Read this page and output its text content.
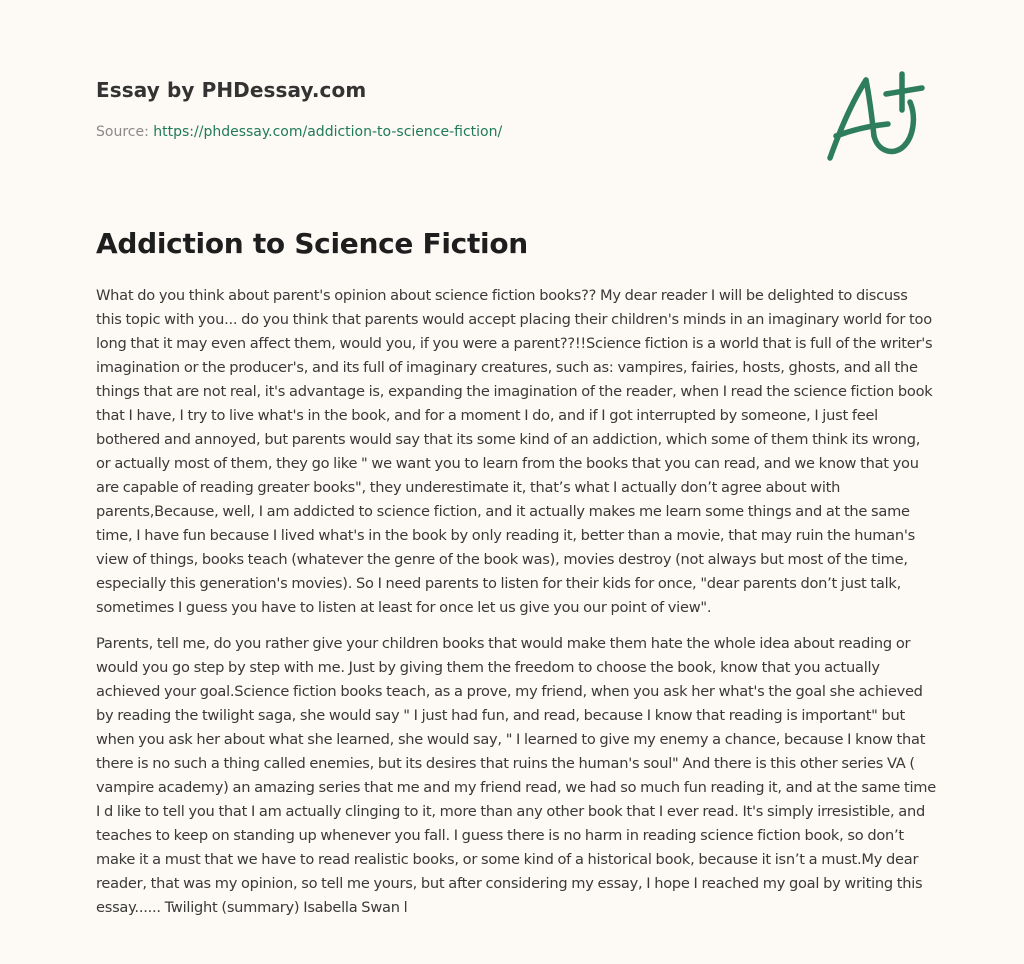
Essay by PHDessay.com
Source: https://phdessay.com/addiction-to-science-fiction/
Addiction to Science Fiction

What do you think about parent's opinion about science fiction books?? My dear reader I will be delighted to discuss this topic with you... do you think that parents would accept placing their children's minds in an imaginary world for too long that it may even affect them, would you, if you were a parent??!!Science fiction is a world that is full of the writer's imagination or the producer's, and its full of imaginary creatures, such as: vampires, fairies, hosts, ghosts, and all the things that are not real, it's advantage is, expanding the imagination of the reader, when I read the science fiction book that I have, I try to live what's in the book, and for a moment I do, and if I got interrupted by someone, I just feel bothered and annoyed, but parents would say that its some kind of an addiction, which some of them think its wrong, or actually most of them, they go like " we want you to learn from the books that you can read, and we know that you are capable of reading greater books", they underestimate it, that’s what I actually don’t agree about with parents,Because, well, I am addicted to science fiction, and it actually makes me learn some things and at the same time, I have fun because I lived what's in the book by only reading it, better than a movie, that may ruin the human's view of things, books teach (whatever the genre of the book was), movies destroy (not always but most of the time, especially this generation's movies). So I need parents to listen for their kids for once, "dear parents don’t just talk, sometimes I guess you have to listen at least for once let us give you our point of view".

Parents, tell me, do you rather give your children books that would make them hate the whole idea about reading or would you go step by step with me. Just by giving them the freedom to choose the book, know that you actually achieved your goal.Science fiction books teach, as a prove, my friend, when you ask her what's the goal she achieved by reading the twilight saga, she would say " I just had fun, and read, because I know that reading is important" but when you ask her about what she learned, she would say, " I learned to give my enemy a chance, because I know that there is no such a thing called enemies, but its desires that ruins the human's soul" And there is this other series VA ( vampire academy) an amazing series that me and my friend read, we had so much fun reading it, and at the same time I d like to tell you that I am actually clinging to it, more than any other book that I ever read. It's simply irresistible, and teaches to keep on standing up whenever you fall. I guess there is no harm in reading science fiction book, so don’t make it a must that we have to read realistic books, or some kind of a historical book, because it isn’t a must.My dear reader, that was my opinion, so tell me yours, but after considering my essay, I hope I reached my goal by writing this essay...... Twilight (summary) Isabella Swan l
